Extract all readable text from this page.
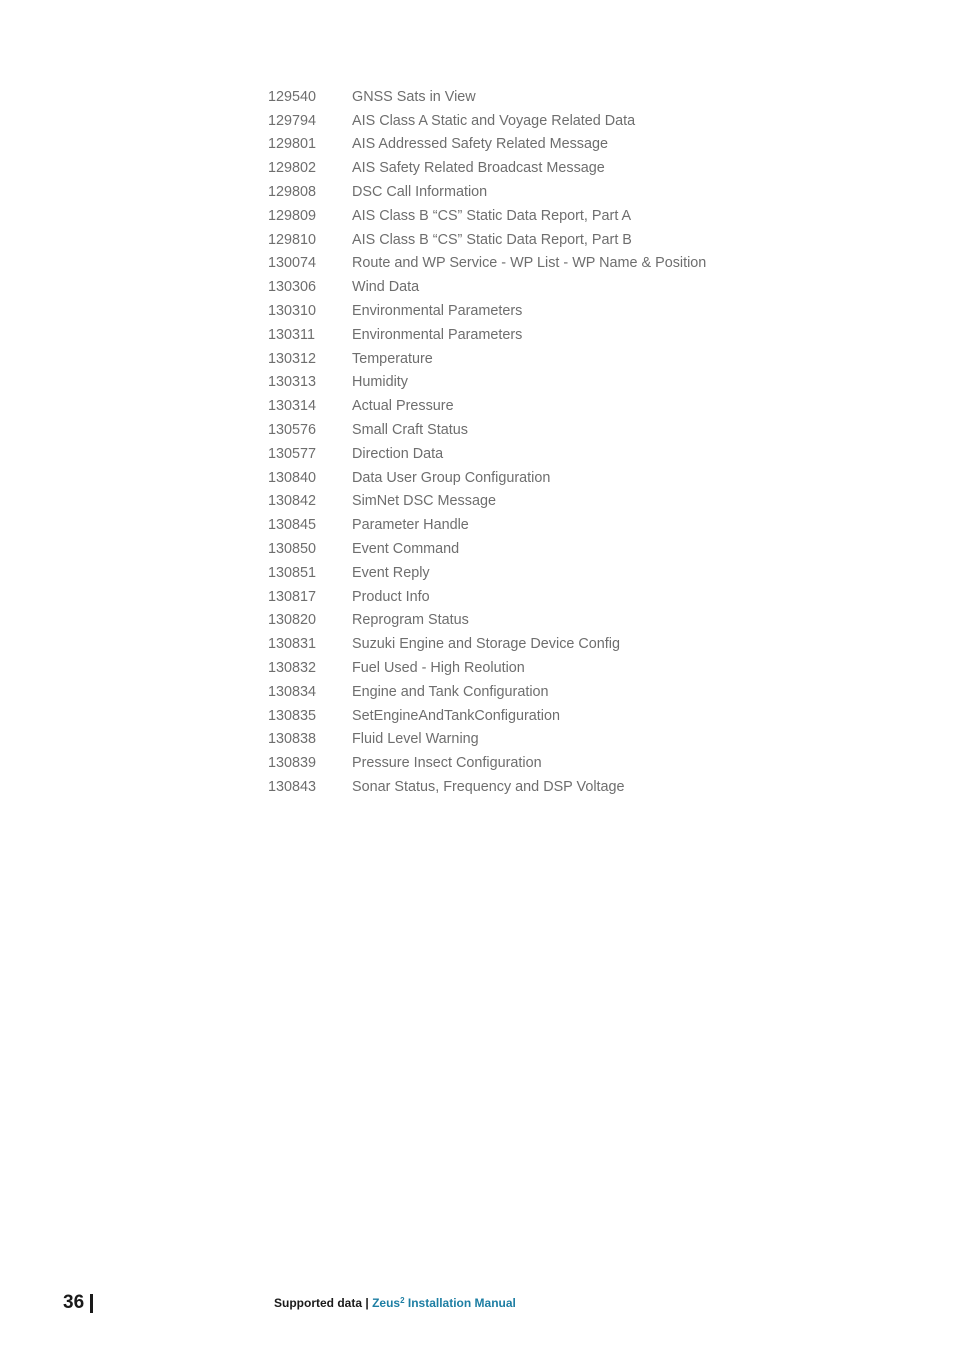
129540	GNSS Sats in View
129794	AIS Class A Static and Voyage Related Data
129801	AIS Addressed Safety Related Message
129802	AIS Safety Related Broadcast Message
129808	DSC Call Information
129809	AIS Class B “CS” Static Data Report, Part A
129810	AIS Class B “CS” Static Data Report, Part B
130074	Route and WP Service - WP List - WP Name & Position
130306	Wind Data
130310	Environmental Parameters
130311	Environmental Parameters
130312	Temperature
130313	Humidity
130314	Actual Pressure
130576	Small Craft Status
130577	Direction Data
130840	Data User Group Configuration
130842	SimNet DSC Message
130845	Parameter Handle
130850	Event Command
130851	Event Reply
130817	Product Info
130820	Reprogram Status
130831	Suzuki Engine and Storage Device Config
130832	Fuel Used - High Reolution
130834	Engine and Tank Configuration
130835	SetEngineAndTankConfiguration
130838	Fluid Level Warning
130839	Pressure Insect Configuration
130843	Sonar Status, Frequency and DSP Voltage
36	Supported data | Zeus$^2$ Installation Manual
